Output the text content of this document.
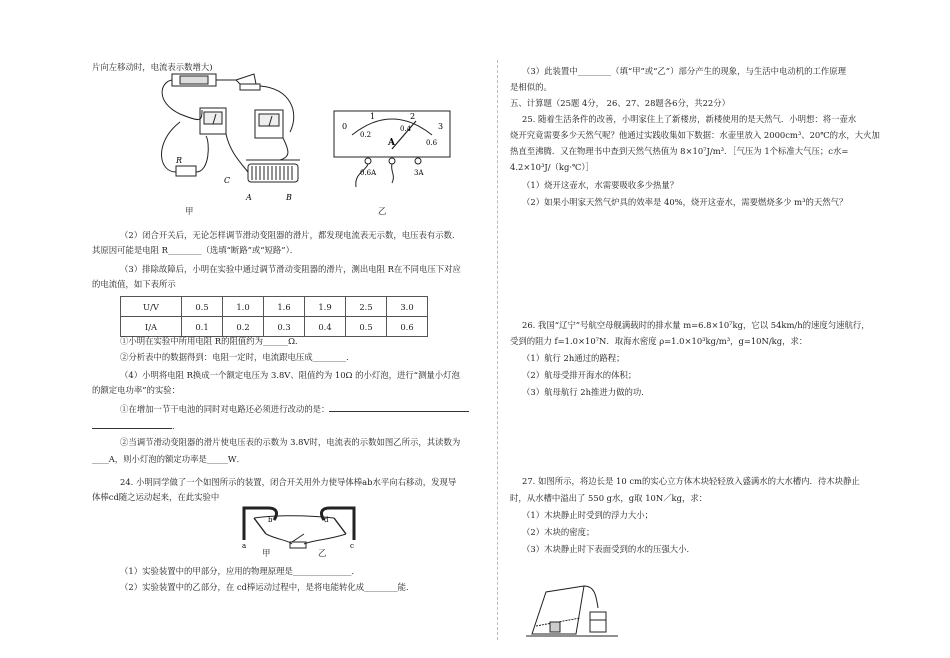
片向左移动时，电流表示数增大)
R
C
A	B
甲
0
1	2
3
0.2
0.4
0.6
A
0.6A	3A
乙
（2）闭合开关后，无论怎样调节滑动变阻器的滑片，都发现电流表无示数，电压表有示数．
其原因可能是电阻 R________（选填“断路”或“短路”）．
（3）排除故障后，小明在实验中通过调节滑动变阻器的滑片，测出电阻 R在不同电压下对应
的电流值，如下表所示
U/V	0.5	1.0	1.6	1.9	2.5	3.0
I/A	0.1	0.2	0.3	0.4	0.5	0.6
①小明在实验中所用电阻 R的阻值约为______Ω．
②分析表中的数据得到：电阻一定时，电流跟电压成________．
（4）小明将电阻 R换成一个额定电压为 3.8V、阻值约为 10Ω 的小灯泡，进行“测量小灯泡
的额定电功率”的实验：
①在增加一节干电池的同时对电路还必须进行改动的是：
．
②当调节滑动变阻器的滑片使电压表的示数为 3.8V时，电流表的示数如图乙所示，其读数为
____A，则小灯泡的额定功率是_____W．
24. 小明同学做了一个如图所示的装置，闭合开关用外力使导体棒ab水平向右移动，发现导
体棒cd随之运动起来，在此实验中
a
b
c
d
甲	乙
（1）实验装置中的甲部分，应用的物理原理是______________．
（2）实验装置中的乙部分，在 cd棒运动过程中，是将电能转化成________能．
（3）此装置中________（填“甲”或“乙”）部分产生的现象，与生活中电动机的工作原理
是相似的。
五、计算题（25题 4分， 26、27、28题各6分，共22分）
25. 随着生活条件的改善，小明家住上了新楼房，新楼使用的是天然气．小明想：将一壶水
烧开究竟需要多少天然气呢？他通过实践收集如下数据：水壶里放入 2000cm³、20℃的水，大火加
热直至沸腾．又在物理书中查到天然气热值为 8×10⁷J/m³．［气压为 1个标准大气压；c水=
4.2×10³J/（kg·℃）］
（1）烧开这壶水，水需要吸收多少热量？
（2）如果小明家天然气炉具的效率是 40%，烧开这壶水，需要燃烧多少 m³的天然气？
26. 我国“辽宁”号航空母舰满载时的排水量 m=6.8×10⁷kg，它以 54km/h的速度匀速航行，
受到的阻力 f=1.0×10⁷N．取海水密度 ρ=1.0×10³kg/m³，g=10N/kg，求：
（1）航行 2h通过的路程；
（2）航母受排开海水的体积；
（3）航母航行 2h推进力做的功．
27. 如图所示，将边长是 10 cm的实心立方体木块轻轻放入盛满水的大水槽内．待木块静止
时，从水槽中溢出了 550 g水，g取 10N／kg，求：
（1）木块静止时受到的浮力大小；
（2）木块的密度；
（3）木块静止时下表面受到的水的压强大小．
